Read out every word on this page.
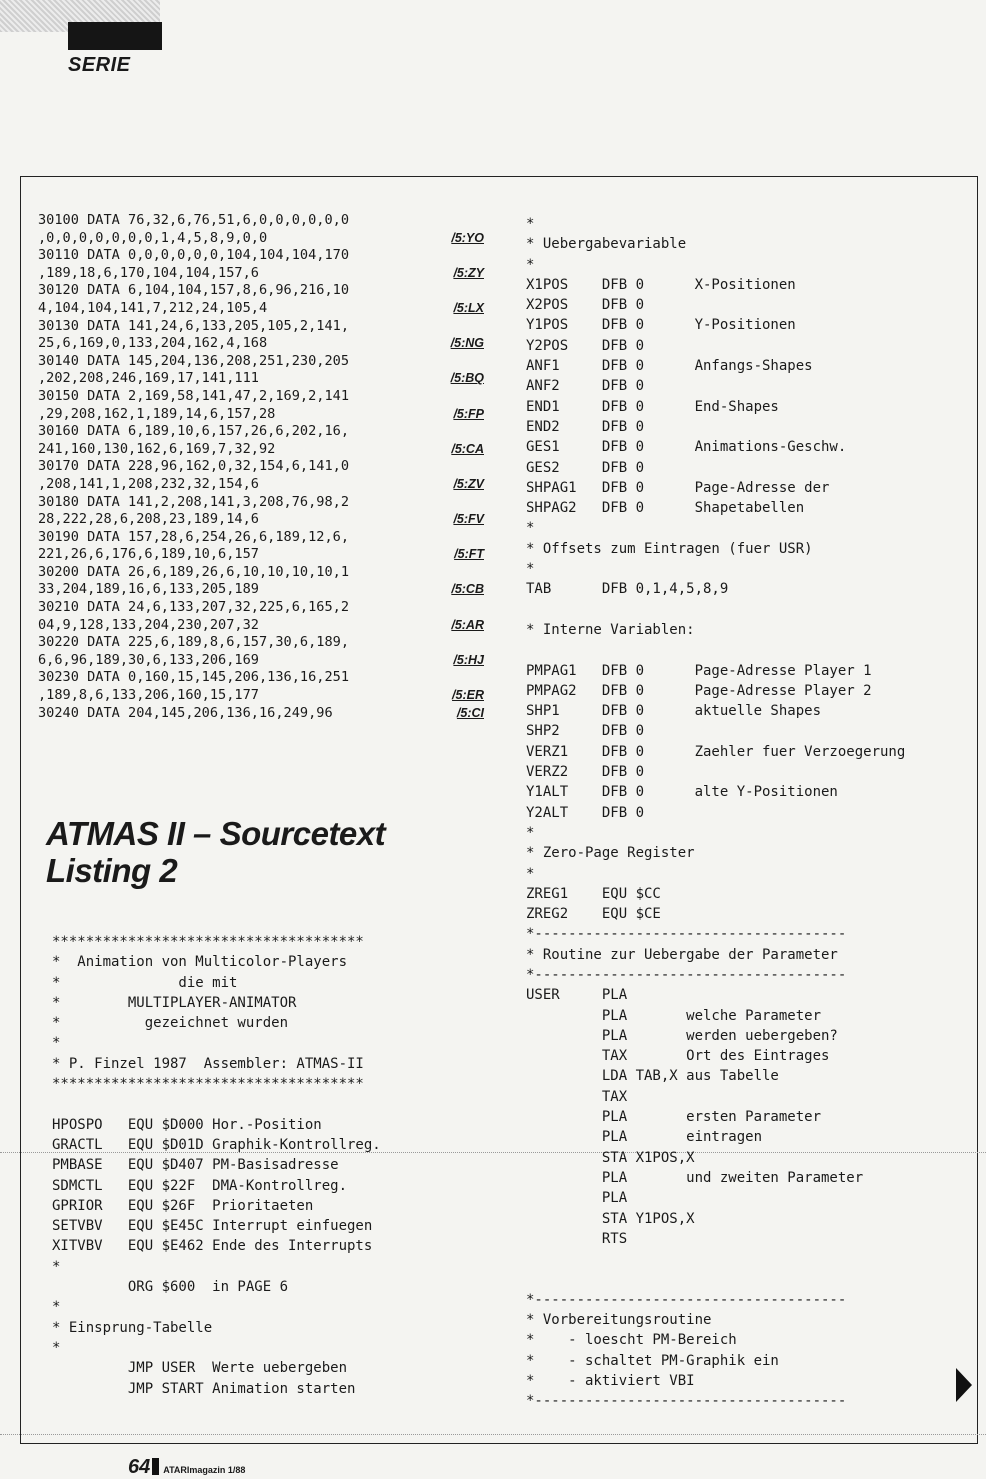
SERIE
30100 DATA 76,32,6,76,51,6,0,0,0,0,0,0
,0,0,0,0,0,0,0,1,4,5,8,9,0,0	/5:YO
30110 DATA 0,0,0,0,0,0,104,104,104,170
,189,18,6,170,104,104,157,6	/5:ZY
30120 DATA 6,104,104,157,8,6,96,216,10
4,104,104,141,7,212,24,105,4	/5:LX
30130 DATA 141,24,6,133,205,105,2,141,
25,6,169,0,133,204,162,4,168	/5:NG
30140 DATA 145,204,136,208,251,230,205
,202,208,246,169,17,141,111	/5:BQ
30150 DATA 2,169,58,141,47,2,169,2,141
,29,208,162,1,189,14,6,157,28	/5:FP
30160 DATA 6,189,10,6,157,26,6,202,16,
241,160,130,162,6,169,7,32,92	/5:CA
30170 DATA 228,96,162,0,32,154,6,141,0
,208,141,1,208,232,32,154,6	/5:ZV
30180 DATA 141,2,208,141,3,208,76,98,2
28,222,28,6,208,23,189,14,6	/5:FV
30190 DATA 157,28,6,254,26,6,189,12,6,
221,26,6,176,6,189,10,6,157	/5:FT
30200 DATA 26,6,189,26,6,10,10,10,10,1
33,204,189,16,6,133,205,189	/5:CB
30210 DATA 24,6,133,207,32,225,6,165,2
04,9,128,133,204,230,207,32	/5:AR
30220 DATA 225,6,189,8,6,157,30,6,189,
6,6,96,189,30,6,133,206,169	/5:HJ
30230 DATA 0,160,15,145,206,136,16,251
,189,8,6,133,206,160,15,177	/5:ER
30240 DATA 204,145,206,136,16,249,96	/5:CI
ATMAS II – Sourcetext
Listing 2
*************************************
*  Animation von Multicolor-Players
*              die mit
*        MULTIPLAYER-ANIMATOR
*          gezeichnet wurden
*
* P. Finzel 1987  Assembler: ATMAS-II
*************************************
HPOSPO   EQU $D000 Hor.-Position
GRACTL   EQU $D01D Graphik-Kontrollreg.
PMBASE   EQU $D407 PM-Basisadresse
SDMCTL   EQU $22F  DMA-Kontrollreg.
GPRIOR   EQU $26F  Prioritaeten
SETVBV   EQU $E45C Interrupt einfuegen
XITVBV   EQU $E462 Ende des Interrupts
*
ORG $600  in PAGE 6
*
* Einsprung-Tabelle
*
JMP USER  Werte uebergeben
JMP START Animation starten
*
* Uebergabevariable
*
X1POS    DFB 0      X-Positionen
X2POS    DFB 0
Y1POS    DFB 0      Y-Positionen
Y2POS    DFB 0
ANF1     DFB 0      Anfangs-Shapes
ANF2     DFB 0
END1     DFB 0      End-Shapes
END2     DFB 0
GES1     DFB 0      Animations-Geschw.
GES2     DFB 0
SHPAG1   DFB 0      Page-Adresse der
SHPAG2   DFB 0      Shapetabellen
*
* Offsets zum Eintragen (fuer USR)
*
TAB      DFB 0,1,4,5,8,9
* Interne Variablen:
PMPAG1   DFB 0      Page-Adresse Player 1
PMPAG2   DFB 0      Page-Adresse Player 2
SHP1     DFB 0      aktuelle Shapes
SHP2     DFB 0
VERZ1    DFB 0      Zaehler fuer Verzoegerung
VERZ2    DFB 0
Y1ALT    DFB 0      alte Y-Positionen
Y2ALT    DFB 0
*
* Zero-Page Register
*
ZREG1    EQU $CC
ZREG2    EQU $CE
*-------------------------------------
* Routine zur Uebergabe der Parameter
*-------------------------------------
USER     PLA
PLA       welche Parameter
PLA       werden uebergeben?
TAX       Ort des Eintrages
LDA TAB,X aus Tabelle
TAX
PLA       ersten Parameter
PLA       eintragen
STA X1POS,X
PLA       und zweiten Parameter
PLA
STA Y1POS,X
RTS
*-------------------------------------
* Vorbereitungsroutine
*    - loescht PM-Bereich
*    - schaltet PM-Graphik ein
*    - aktiviert VBI
*-------------------------------------
64 ATARImagazin 1/88
